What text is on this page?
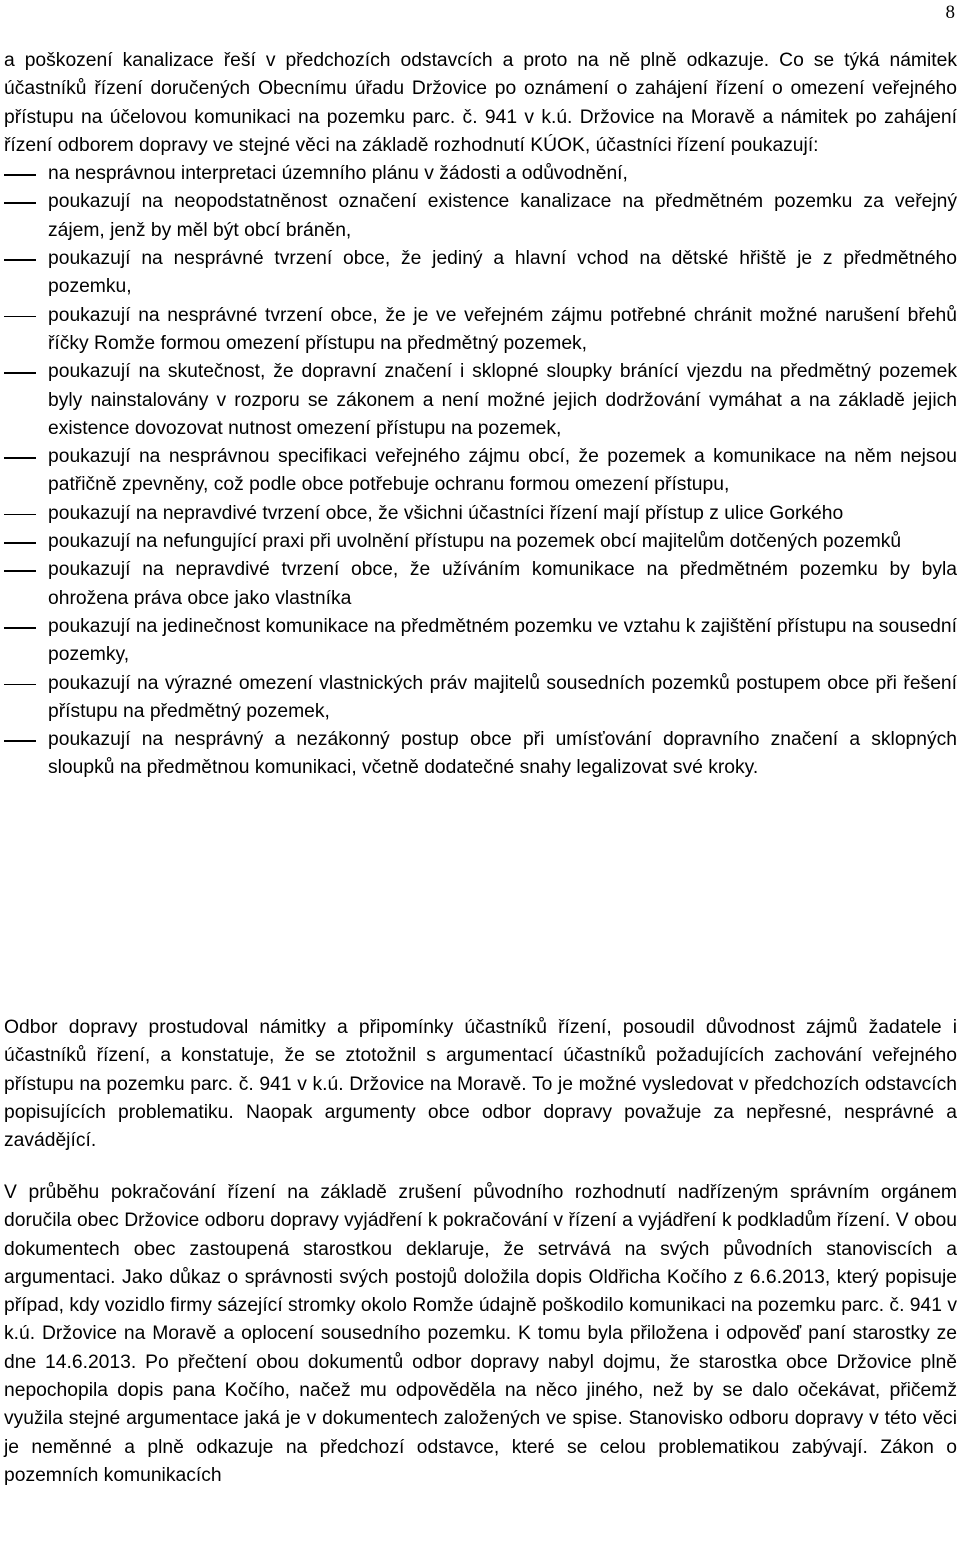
8

a poškození kanalizace řeší v předchozích odstavcích a proto na ně plně odkazuje. Co se týká námitek účastníků řízení doručených Obecnímu úřadu Držovice po oznámení o zahájení řízení o omezení veřejného přístupu na účelovou komunikaci na pozemku parc. č. 941 v k.ú. Držovice na Moravě a námitek po zahájení řízení odborem dopravy ve stejné věci na základě rozhodnutí KÚOK, účastníci řízení poukazují:

na nesprávnou interpretaci územního plánu v žádosti a odůvodnění,
poukazují na neopodstatněnost označení existence kanalizace na předmětném pozemku za veřejný zájem, jenž by měl být obcí bráněn,
poukazují na nesprávné tvrzení obce, že jediný a hlavní vchod na dětské hřiště je z předmětného pozemku,
poukazují na nesprávné tvrzení obce, že je ve veřejném zájmu potřebné chránit možné narušení břehů říčky Romže formou omezení přístupu na předmětný pozemek,
poukazují na skutečnost, že dopravní značení i sklopné sloupky bránící vjezdu na předmětný pozemek byly nainstalovány v rozporu se zákonem a není možné jejich dodržování vymáhat a na základě jejich existence dovozovat nutnost omezení přístupu na pozemek,
poukazují na nesprávnou specifikaci veřejného zájmu obcí, že pozemek a komunikace na něm nejsou patřičně zpevněny, což podle obce potřebuje ochranu formou omezení přístupu,
poukazují na nepravdivé tvrzení obce, že všichni účastníci řízení mají přístup z ulice Gorkého
poukazují na nefungující praxi při uvolnění přístupu na pozemek obcí majitelům dotčených pozemků
poukazují na nepravdivé tvrzení obce, že užíváním komunikace na předmětném pozemku by byla ohrožena práva obce jako vlastníka
poukazují na jedinečnost komunikace na předmětném pozemku ve vztahu k zajištění přístupu na sousední pozemky,
poukazují na výrazné omezení vlastnických práv majitelů sousedních pozemků postupem obce při řešení přístupu na předmětný pozemek,
poukazují na nesprávný a nezákonný postup obce při umísťování dopravního značení a sklopných sloupků na předmětnou komunikaci, včetně dodatečné snahy legalizovat své kroky.

Odbor dopravy prostudoval námitky a připomínky účastníků řízení, posoudil důvodnost zájmů žadatele i účastníků řízení, a konstatuje, že se ztotožnil s argumentací účastníků požadujících zachování veřejného přístupu na pozemku parc. č. 941 v k.ú. Držovice na Moravě. To je možné vysledovat v předchozích odstavcích popisujících problematiku. Naopak argumenty obce odbor dopravy považuje za nepřesné, nesprávné a zavádějící.

V průběhu pokračování řízení na základě zrušení původního rozhodnutí nadřízeným správním orgánem doručila obec Držovice odboru dopravy vyjádření k pokračování v řízení a vyjádření k podkladům řízení. V obou dokumentech obec zastoupená starostkou deklaruje, že setrvává na svých původních stanoviscích a argumentaci. Jako důkaz o správnosti svých postojů doložila dopis Oldřicha Kočího z 6.6.2013, který popisuje případ, kdy vozidlo firmy sázející stromky okolo Romže údajně poškodilo komunikaci na pozemku parc. č. 941 v k.ú. Držovice na Moravě a oplocení sousedního pozemku. K tomu byla přiložena i odpověď paní starostky ze dne 14.6.2013. Po přečtení obou dokumentů odbor dopravy nabyl dojmu, že starostka obce Držovice plně nepochopila dopis pana Kočího, načež mu odpověděla na něco jiného, než by se dalo očekávat, přičemž využila stejné argumentace jaká je v dokumentech založených ve spise. Stanovisko odboru dopravy v této věci je neměnné a plně odkazuje na předchozí odstavce, které se celou problematikou zabývají. Zákon o pozemních komunikacích
